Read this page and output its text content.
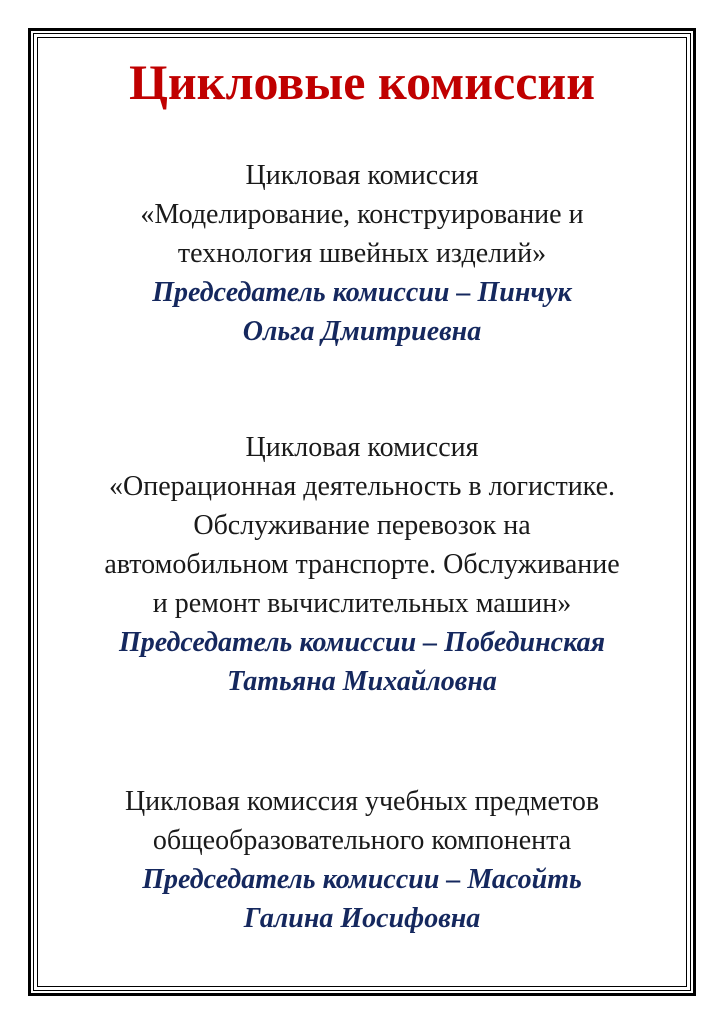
Цикловые комиссии
Цикловая комиссия
«Моделирование, конструирование и
технология швейных изделий»
Председатель комиссии – Пинчук
Ольга Дмитриевна
Цикловая комиссия
«Операционная деятельность в логистике.
Обслуживание перевозок на
автомобильном транспорте. Обслуживание
и ремонт вычислительных машин»
Председатель комиссии – Побединская
Татьяна Михайловна
Цикловая комиссия учебных предметов
общеобразовательного компонента
Председатель комиссии – Масойть
Галина Иосифовна
